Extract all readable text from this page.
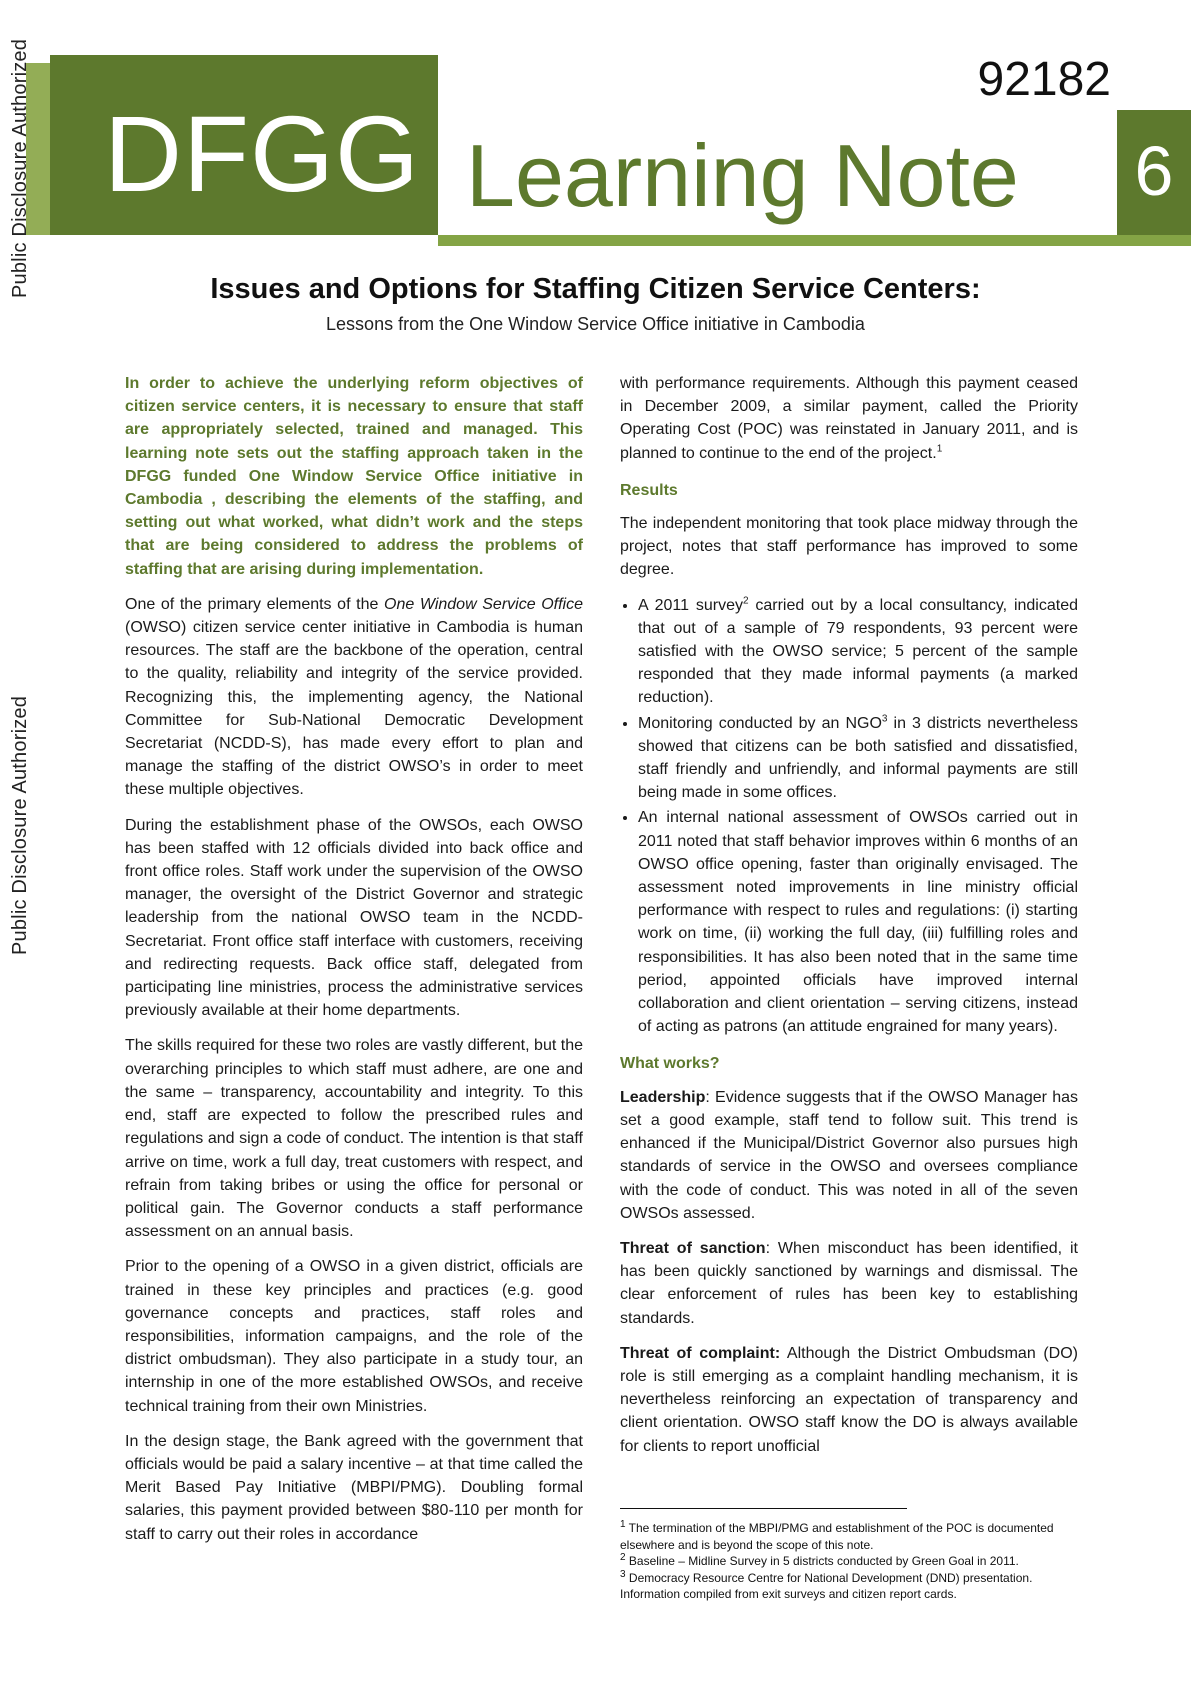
Public Disclosure Authorized
Public Disclosure Authorized
DFGG Learning Note
92182
6
Issues and Options for Staffing Citizen Service Centers:
Lessons from the One Window Service Office initiative in Cambodia

In order to achieve the underlying reform objectives of citizen service centers, it is necessary to ensure that staff are appropriately selected, trained and managed. This learning note sets out the staffing approach taken in the DFGG funded One Window Service Office initiative in Cambodia , describing the elements of the staffing, and setting out what worked, what didn’t work and the steps that are being considered to address the problems of staffing that are arising during implementation.

One of the primary elements of the One Window Service Office (OWSO) citizen service center initiative in Cambodia is human resources. The staff are the backbone of the operation, central to the quality, reliability and integrity of the service provided. Recognizing this, the implementing agency, the National Committee for Sub-National Democratic Development Secretariat (NCDD-S), has made every effort to plan and manage the staffing of the district OWSO’s in order to meet these multiple objectives.

During the establishment phase of the OWSOs, each OWSO has been staffed with 12 officials divided into back office and front office roles. Staff work under the supervision of the OWSO manager, the oversight of the District Governor and strategic leadership from the national OWSO team in the NCDD-Secretariat. Front office staff interface with customers, receiving and redirecting requests. Back office staff, delegated from participating line ministries, process the administrative services previously available at their home departments.

The skills required for these two roles are vastly different, but the overarching principles to which staff must adhere, are one and the same – transparency, accountability and integrity. To this end, staff are expected to follow the prescribed rules and regulations and sign a code of conduct. The intention is that staff arrive on time, work a full day, treat customers with respect, and refrain from taking bribes or using the office for personal or political gain. The Governor conducts a staff performance assessment on an annual basis.

Prior to the opening of a OWSO in a given district, officials are trained in these key principles and practices (e.g. good governance concepts and practices, staff roles and responsibilities, information campaigns, and the role of the district ombudsman). They also participate in a study tour, an internship in one of the more established OWSOs, and receive technical training from their own Ministries.

In the design stage, the Bank agreed with the government that officials would be paid a salary incentive – at that time called the Merit Based Pay Initiative (MBPI/PMG). Doubling formal salaries, this payment provided between $80-110 per month for staff to carry out their roles in accordance

with performance requirements. Although this payment ceased in December 2009, a similar payment, called the Priority Operating Cost (POC) was reinstated in January 2011, and is planned to continue to the end of the project.$^1$

Results

The independent monitoring that took place midway through the project, notes that staff performance has improved to some degree.

• A 2011 survey$^2$ carried out by a local consultancy, indicated that out of a sample of 79 respondents, 93 percent were satisfied with the OWSO service; 5 percent of the sample responded that they made informal payments (a marked reduction).
• Monitoring conducted by an NGO$^3$ in 3 districts nevertheless showed that citizens can be both satisfied and dissatisfied, staff friendly and unfriendly, and informal payments are still being made in some offices.
• An internal national assessment of OWSOs carried out in 2011 noted that staff behavior improves within 6 months of an OWSO office opening, faster than originally envisaged. The assessment noted improvements in line ministry official performance with respect to rules and regulations: (i) starting work on time, (ii) working the full day, (iii) fulfilling roles and responsibilities. It has also been noted that in the same time period, appointed officials have improved internal collaboration and client orientation – serving citizens, instead of acting as patrons (an attitude engrained for many years).
What works?

Leadership: Evidence suggests that if the OWSO Manager has set a good example, staff tend to follow suit. This trend is enhanced if the Municipal/District Governor also pursues high standards of service in the OWSO and oversees compliance with the code of conduct. This was noted in all of the seven OWSOs assessed.

Threat of sanction: When misconduct has been identified, it has been quickly sanctioned by warnings and dismissal. The clear enforcement of rules has been key to establishing standards.

Threat of complaint: Although the District Ombudsman (DO) role is still emerging as a complaint handling mechanism, it is nevertheless reinforcing an expectation of transparency and client orientation. OWSO staff know the DO is always available for clients to report unofficial

$^1$ The termination of the MBPI/PMG and establishment of the POC is documented elsewhere and is beyond the scope of this note.
$^2$ Baseline – Midline Survey in 5 districts conducted by Green Goal in 2011.
$^3$ Democracy Resource Centre for National Development (DND) presentation. Information compiled from exit surveys and citizen report cards.
